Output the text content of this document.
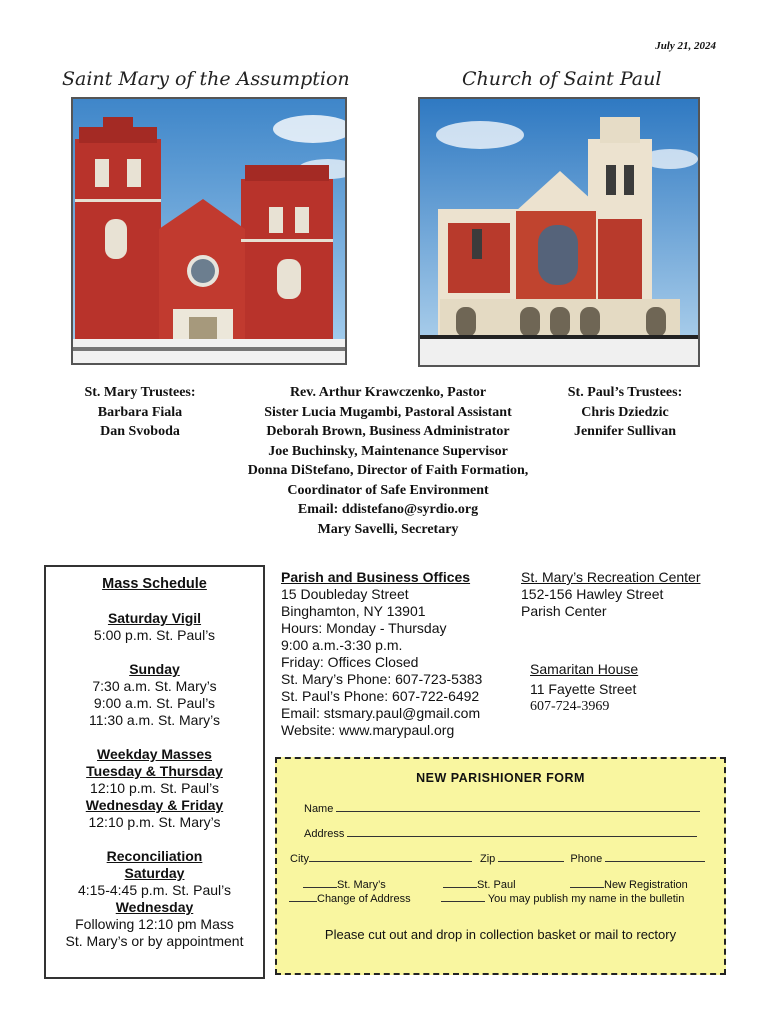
July 21, 2024
Saint Mary of the Assumption	Church of Saint Paul
St. Mary Trustees:
Barbara Fiala
Dan Svoboda
Rev. Arthur Krawczenko, Pastor
Sister Lucia Mugambi, Pastoral Assistant
Deborah Brown, Business Administrator
Joe Buchinsky, Maintenance Supervisor
Donna DiStefano, Director of Faith Formation,
Coordinator of Safe Environment
Email: ddistefano@syrdio.org
Mary Savelli, Secretary
St. Paul’s Trustees:
Chris Dziedzic
Jennifer Sullivan
Mass Schedule
Saturday Vigil
5:00 p.m. St. Paul’s
Sunday
7:30 a.m. St. Mary’s
9:00 a.m. St. Paul’s
11:30 a.m. St. Mary’s
Weekday Masses
Tuesday & Thursday
12:10 p.m. St. Paul’s
Wednesday & Friday
12:10 p.m. St. Mary’s
Reconciliation
Saturday
4:15-4:45 p.m. St. Paul’s
Wednesday
Following 12:10 pm Mass
St. Mary’s or by appointment
Parish and Business Offices
15 Doubleday Street
Binghamton, NY 13901
Hours: Monday - Thursday
9:00 a.m.-3:30 p.m.
Friday: Offices Closed
St. Mary’s Phone: 607-723-5383
St. Paul’s Phone: 607-722-6492
Email: stsmary.paul@gmail.com
Website: www.marypaul.org
St. Mary’s Recreation Center
152-156 Hawley Street
Parish Center
Samaritan House
11 Fayette Street
607-724-3969
NEW PARISHIONER FORM
Name
Address
City	Zip	Phone
St. Mary’s	St. Paul	New Registration
Change of Address	You may publish my name in the bulletin
Please cut out and drop in collection basket or mail to rectory
